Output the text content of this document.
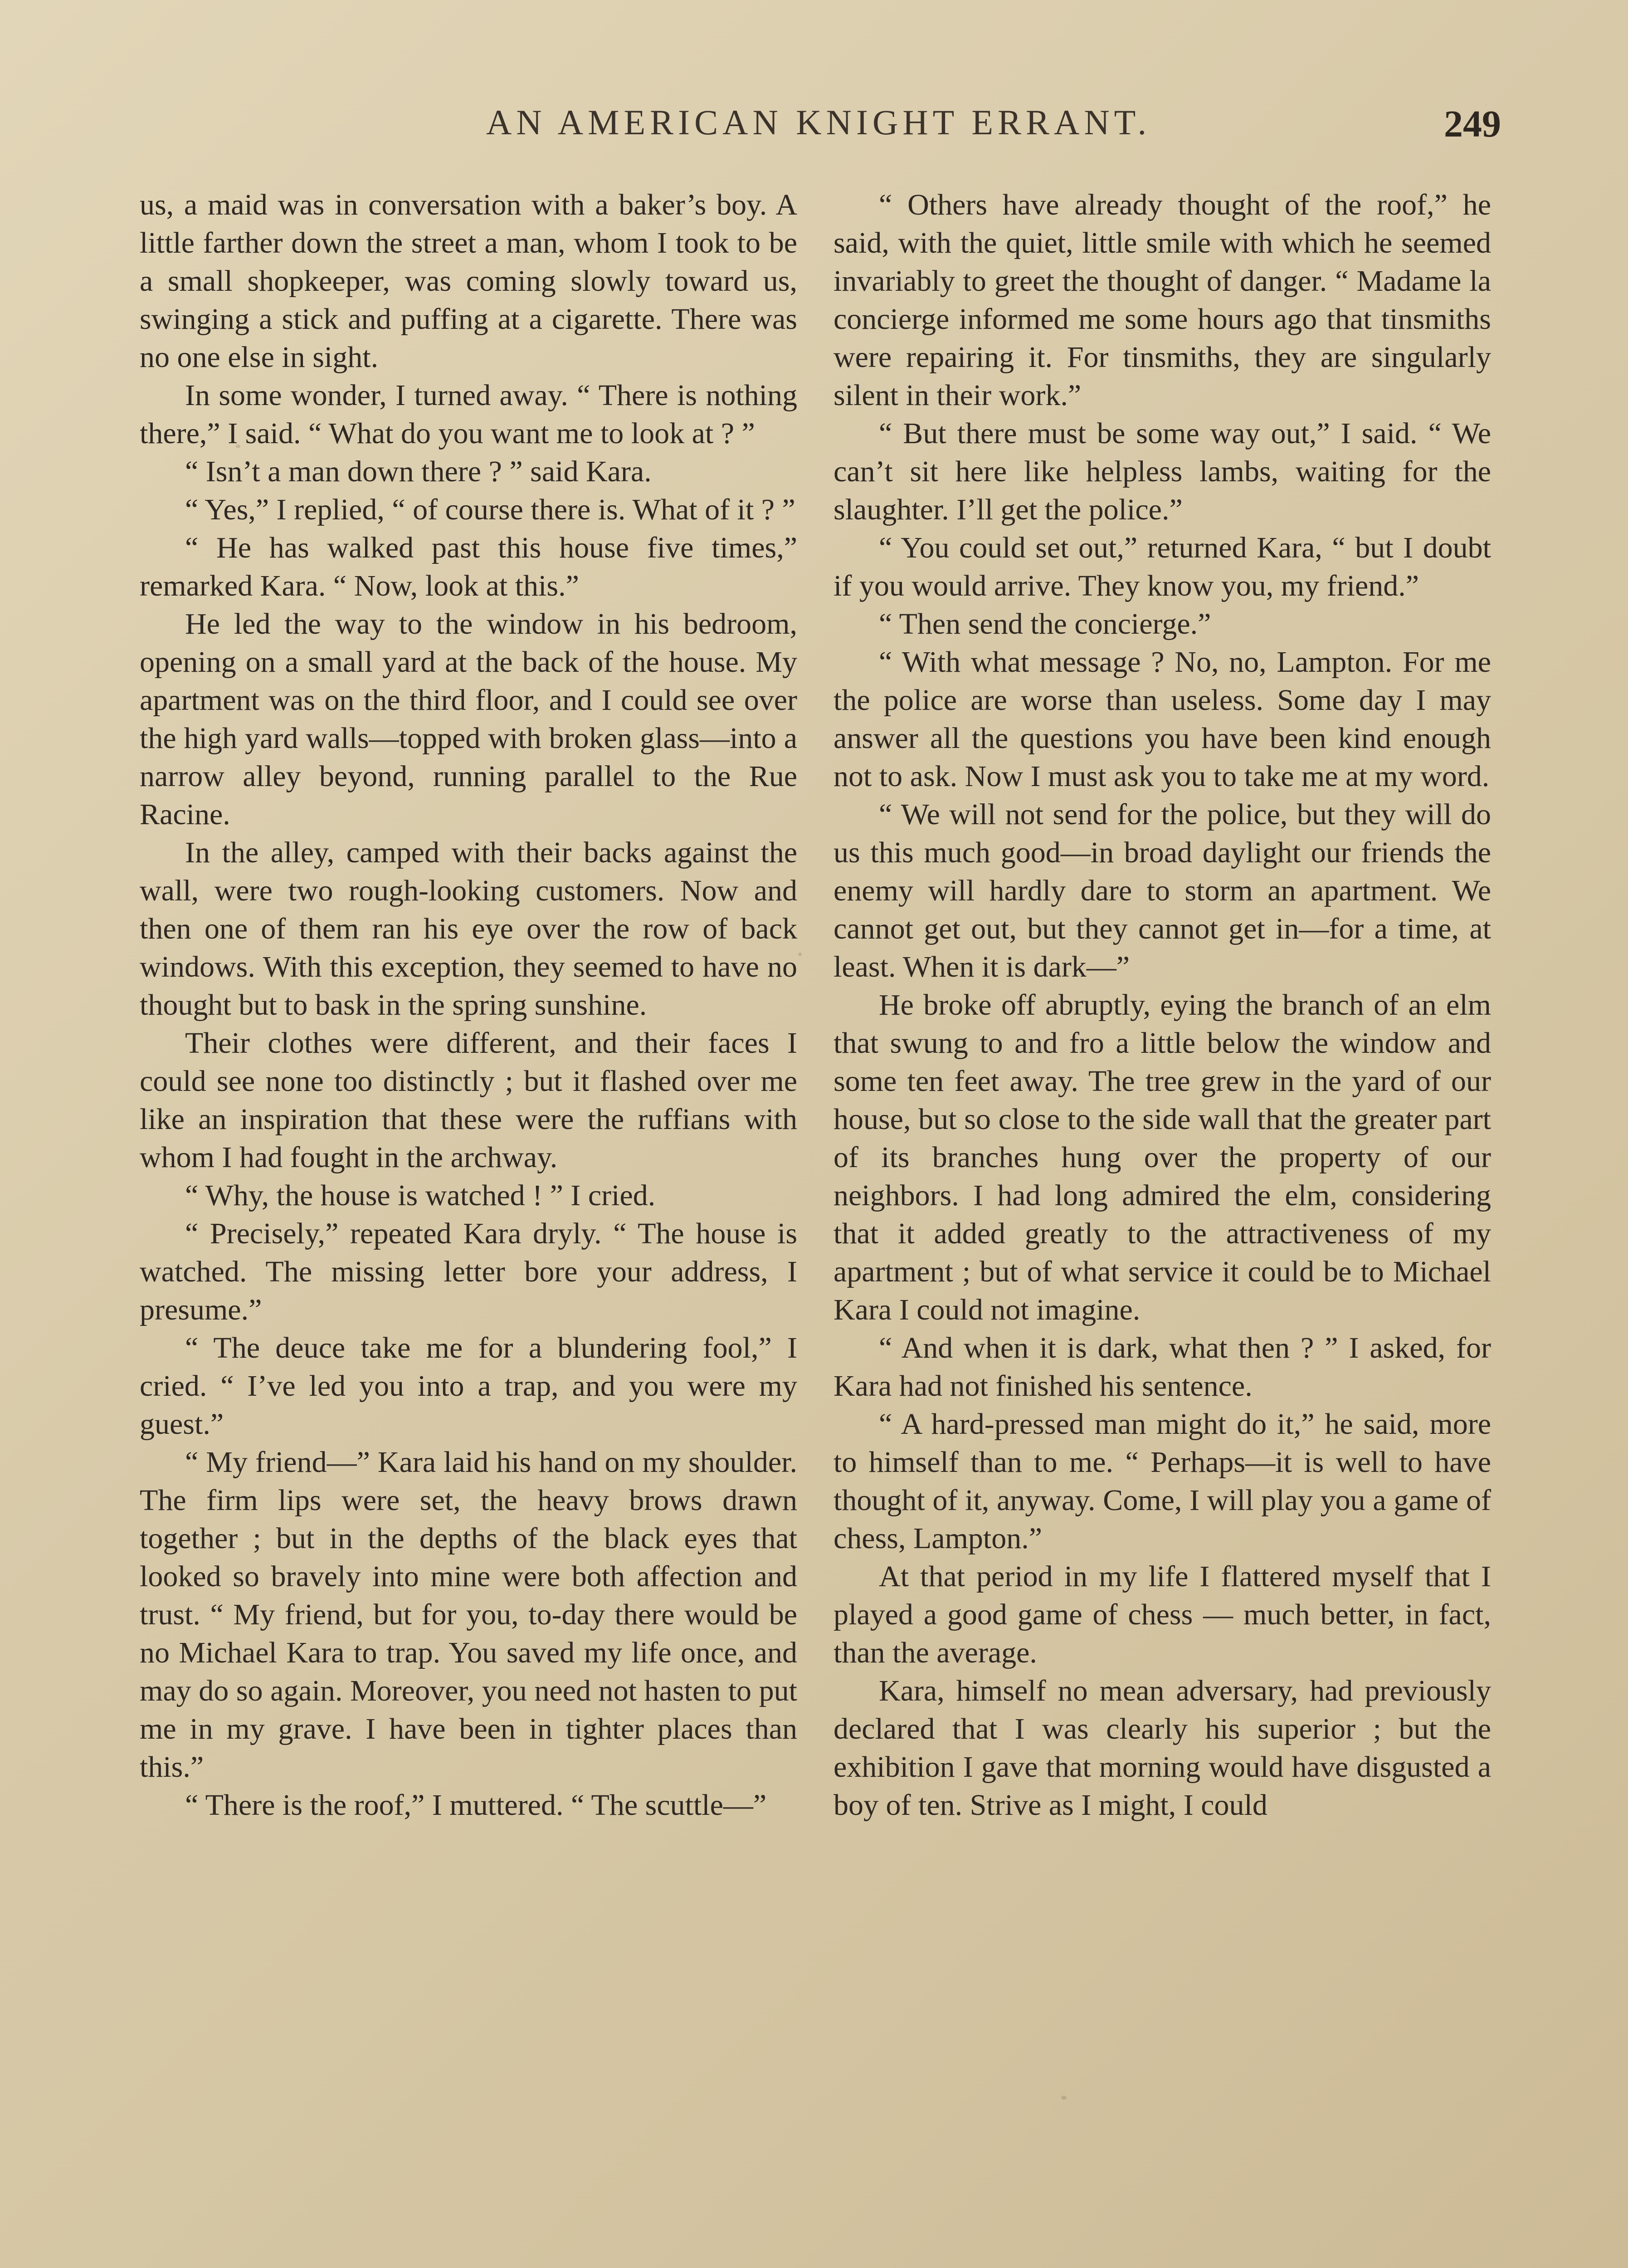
AN AMERICAN KNIGHT ERRANT.	249

us, a maid was in conversation with a baker’s boy. A little farther down the street a man, whom I took to be a small shopkeeper, was coming slowly toward us, swinging a stick and puffing at a cigarette. There was no one else in sight.

In some wonder, I turned away. “ There is nothing there,” I said. “ What do you want me to look at ? ”

“ Isn’t a man down there ? ” said Kara.

“ Yes,” I replied, “ of course there is. What of it ? ”

“ He has walked past this house five times,” remarked Kara. “ Now, look at this.”

He led the way to the window in his bedroom, opening on a small yard at the back of the house. My apartment was on the third floor, and I could see over the high yard walls—topped with broken glass—into a narrow alley beyond, running parallel to the Rue Racine.

In the alley, camped with their backs against the wall, were two rough-looking customers. Now and then one of them ran his eye over the row of back windows. With this exception, they seemed to have no thought but to bask in the spring sunshine.

Their clothes were different, and their faces I could see none too distinctly ; but it flashed over me like an inspiration that these were the ruffians with whom I had fought in the archway.

“ Why, the house is watched ! ” I cried.

“ Precisely,” repeated Kara dryly. “ The house is watched. The missing letter bore your address, I presume.”

“ The deuce take me for a blundering fool,” I cried. “ I’ve led you into a trap, and you were my guest.”

“ My friend—” Kara laid his hand on my shoulder. The firm lips were set, the heavy brows drawn together ; but in the depths of the black eyes that looked so bravely into mine were both affection and trust. “ My friend, but for you, to-day there would be no Michael Kara to trap. You saved my life once, and may do so again. Moreover, you need not hasten to put me in my grave. I have been in tighter places than this.”

“ There is the roof,” I muttered. “ The scuttle—”

“ Others have already thought of the roof,” he said, with the quiet, little smile with which he seemed invariably to greet the thought of danger. “ Madame la concierge informed me some hours ago that tinsmiths were repairing it. For tinsmiths, they are singularly silent in their work.”

“ But there must be some way out,” I said. “ We can’t sit here like helpless lambs, waiting for the slaughter. I’ll get the police.”

“ You could set out,” returned Kara, “ but I doubt if you would arrive. They know you, my friend.”

“ Then send the concierge.”

“ With what message ? No, no, Lampton. For me the police are worse than useless. Some day I may answer all the questions you have been kind enough not to ask. Now I must ask you to take me at my word.

“ We will not send for the police, but they will do us this much good—in broad daylight our friends the enemy will hardly dare to storm an apartment. We cannot get out, but they cannot get in—for a time, at least. When it is dark—”

He broke off abruptly, eying the branch of an elm that swung to and fro a little below the window and some ten feet away. The tree grew in the yard of our house, but so close to the side wall that the greater part of its branches hung over the property of our neighbors. I had long admired the elm, considering that it added greatly to the attractiveness of my apartment ; but of what service it could be to Michael Kara I could not imagine.

“ And when it is dark, what then ? ” I asked, for Kara had not finished his sentence.

“ A hard-pressed man might do it,” he said, more to himself than to me. “ Perhaps—it is well to have thought of it, anyway. Come, I will play you a game of chess, Lampton.”

At that period in my life I flattered myself that I played a good game of chess — much better, in fact, than the average.

Kara, himself no mean adversary, had previously declared that I was clearly his superior ; but the exhibition I gave that morning would have disgusted a boy of ten. Strive as I might, I could
